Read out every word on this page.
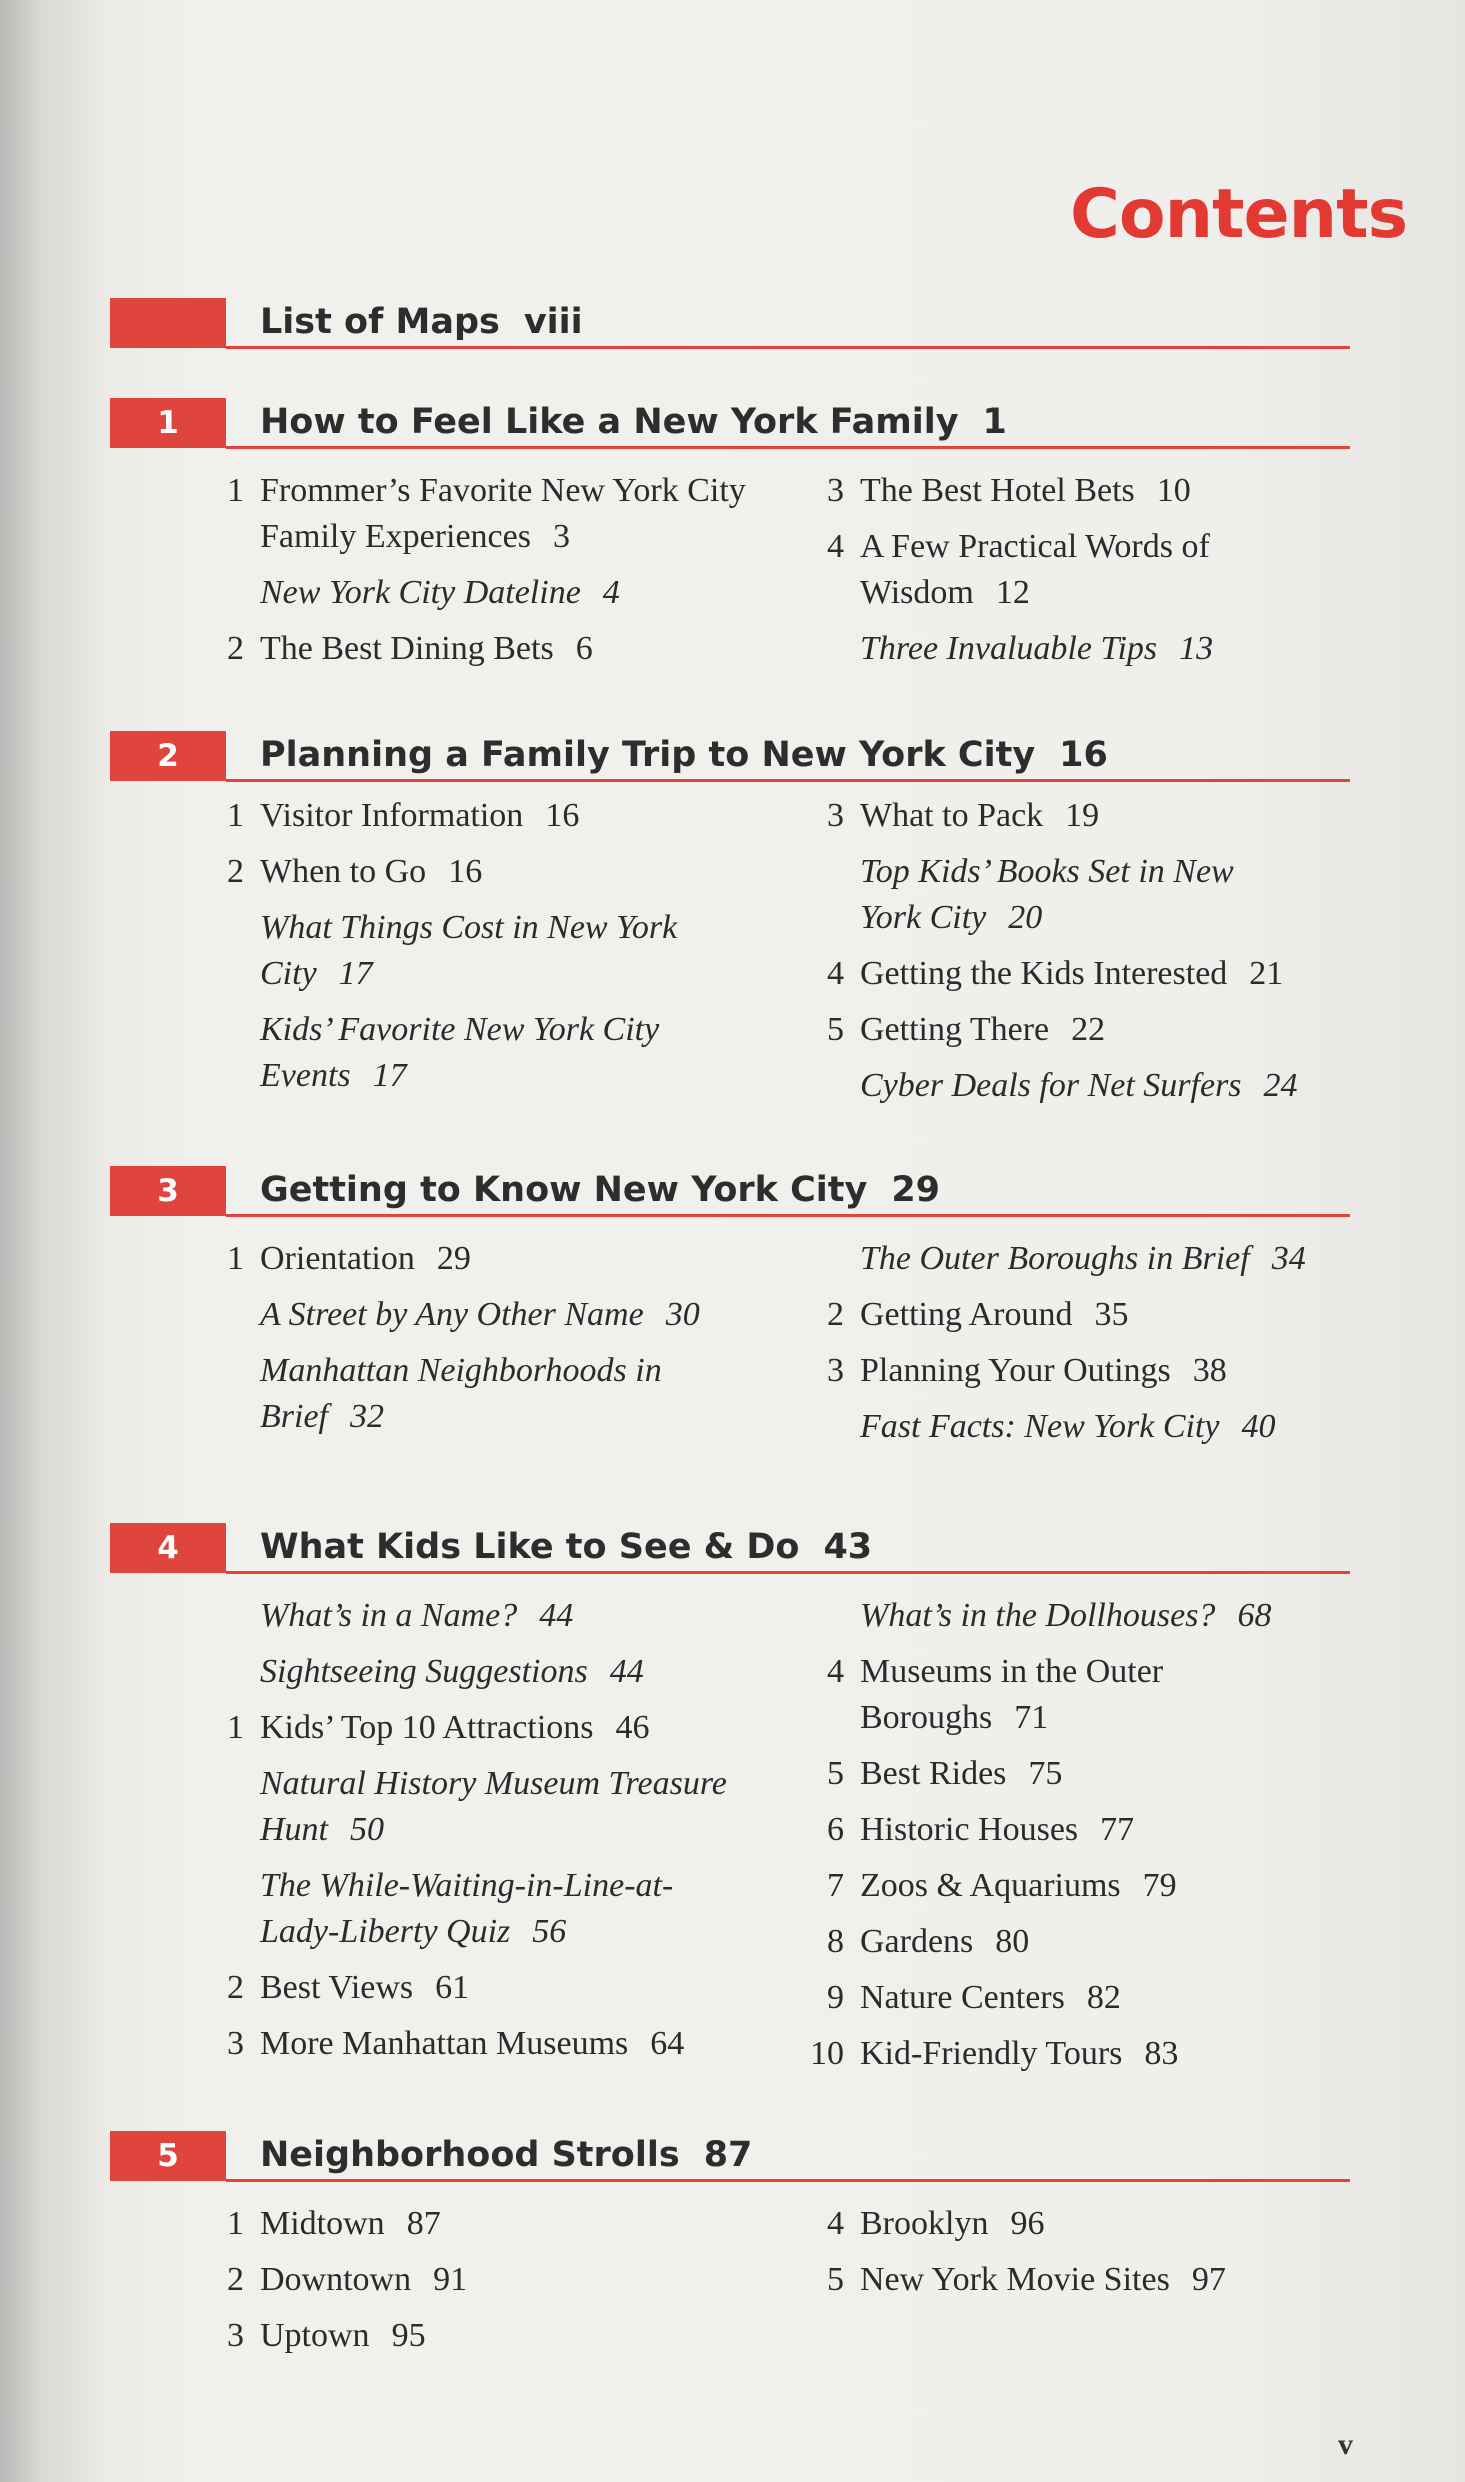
Contents
List of Maps viii
1	How to Feel Like a New York Family 1
1 Frommer’s Favorite New York City Family Experiences 3
New York City Dateline 4
2 The Best Dining Bets 6
3 The Best Hotel Bets 10
4 A Few Practical Words of Wisdom 12
Three Invaluable Tips 13
2	Planning a Family Trip to New York City 16
1 Visitor Information 16
2 When to Go 16
What Things Cost in New York City 17
Kids’ Favorite New York City Events 17
3 What to Pack 19
Top Kids’ Books Set in New York City 20
4 Getting the Kids Interested 21
5 Getting There 22
Cyber Deals for Net Surfers 24
3	Getting to Know New York City 29
1 Orientation 29
A Street by Any Other Name 30
Manhattan Neighborhoods in Brief 32
The Outer Boroughs in Brief 34
2 Getting Around 35
3 Planning Your Outings 38
Fast Facts: New York City 40
4	What Kids Like to See & Do 43
What’s in a Name? 44
Sightseeing Suggestions 44
1 Kids’ Top 10 Attractions 46
Natural History Museum Treasure Hunt 50
The While-Waiting-in-Line-at-Lady-Liberty Quiz 56
2 Best Views 61
3 More Manhattan Museums 64
What’s in the Dollhouses? 68
4 Museums in the Outer Boroughs 71
5 Best Rides 75
6 Historic Houses 77
7 Zoos & Aquariums 79
8 Gardens 80
9 Nature Centers 82
10 Kid-Friendly Tours 83
5	Neighborhood Strolls 87
1 Midtown 87
2 Downtown 91
3 Uptown 95
4 Brooklyn 96
5 New York Movie Sites 97
v
